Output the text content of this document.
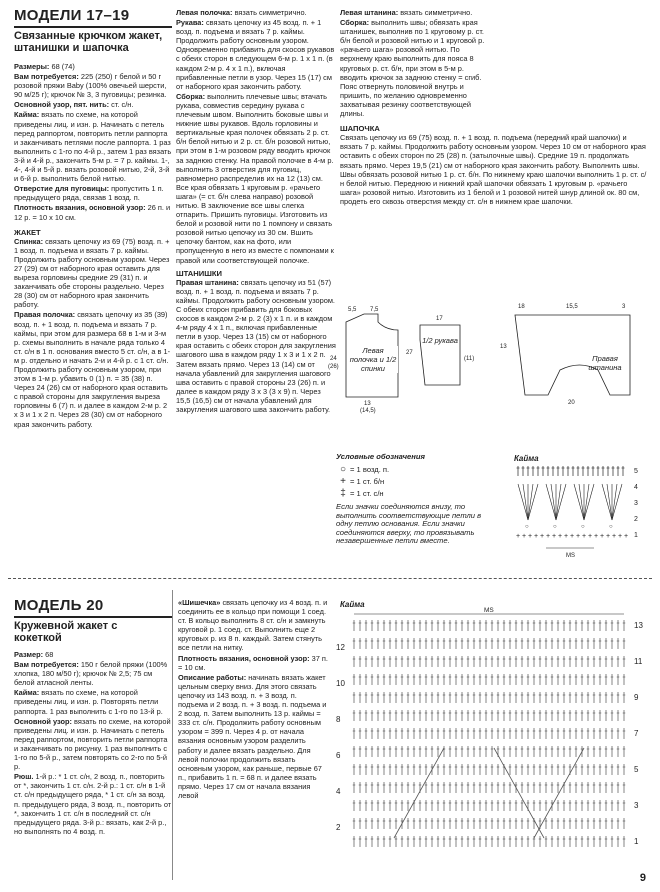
МОДЕЛИ 17–19
Связанные крючком жакет, штанишки и шапочка

Размеры: 68 (74)

Вам потребуется: 225 (250) г белой и 50 г розовой пряжи Baby (100% овечьей шерсти, 90 м/25 г); крючок № 3, 3 пуговицы; резинка.

Основной узор, пят. нить: ст. с/н.

Кайма: вязать по схеме, на которой приведены лиц. и изн. р. Начинать с петель перед раппортом, повторить петли раппорта и заканчивать петлями после раппорта. 1 раз выполнить с 1-го по 4-й р., затем 1 раз вязать 3-й и 4-й р., закончить 5-м р. = 7 р. каймы. 1-, 4-, 4-й и 5-й р. вязать розовой нитью, 2-й, 3-й и 6-й р. выполнить белой нитью.

Отверстие для пуговицы: пропустить 1 п. предыдущего ряда, связав 1 возд. п.

Плотность вязания, основной узор: 26 п. и 12 р. = 10 х 10 см.

ЖАКЕТ

Спинка: связать цепочку из 69 (75) возд. п. + 1 возд. п. подъема и вязать 7 р. каймы. Продолжить работу основным узором. Через 27 (29) см от наборного края оставить для выреза горловины средние 29 (31) п. и заканчивать обе стороны раздельно. Через 28 (30) см от наборного края закончить работу.

Правая полочка: связать цепочку из 35 (39) возд. п. + 1 возд. п. подъема и вязать 7 р. каймы, при этом для размера 68 в 1-м и 3-м р. схемы выполнить в начале ряда только 4 ст. с/н в 1 п. основания вместо 5 ст. с/н, а в 1-м р. отдельно и начать 2-и и 4-й р. с 1 ст. с/н. Продолжить работу основным узором, при этом в 1-м р. убавить 0 (1) п. = 35 (38) п. Через 24 (26) см от наборного края оставить с правой стороны для закругления выреза горловины 6 (7) п. и далее в каждом 2-м р. 2 х 3 и 1 х 2 п. Через 28 (30) см от наборного края закончить работу.

Левая полочка: вязать симметрично.

Рукава: связать цепочку из 45 возд. п. + 1 возд. п. подъема и вязать 7 р. каймы. Продолжить работу основным узором. Одновременно прибавить для скосов рукавов с обеих сторон в следующем 6-м р. 1 х 1 п. (в каждом 2-м р. 4 х 1 п.), включая прибавленные петли в узор. Через 15 (17) см от наборного края закончить работу.

Сборка: выполнить плечевые швы; втачать рукава, совместив середину рукава с плечевым швом. Выполнить боковые швы и нижние швы рукавов. Вдоль горловины и вертикальные края полочек обвязать 2 р. ст. б/н белой нитью и 2 р. ст. б/н розовой нитью, при этом в 1-м розовом ряду вводить крючок за заднюю стенку. На правой полочке в 4-м р. выполнить 3 отверстия для пуговиц, равномерно распределив их на 12 (13) см. Все края обвязать 1 круговым р. «рачьего шага» (= ст. б/н слева направо) розовой нитью. В заключение все швы слегка отпарить. Пришить пуговицы. Изготовить из белой и розовой нити по 1 помпону и связать розовой нитью цепочку из 30 см. Вшить цепочку бантом, как на фото, или пропущенную в него из вместе с помпонами к правой или соответствующей полочке.

ШТАНИШКИ

Правая штанина: связать цепочку из 51 (57) возд. п. + 1 возд. п. подъема и вязать 7 р. каймы. Продолжить работу основным узором. С обеих сторон прибавить для боковых скосов в каждом 2-м р. 2 (3) х 1 п. и в каждом 4-м ряду 4 х 1 п., включая прибавленные петли в узор. Через 13 (15) см от наборного края оставить с обеих сторон для закругления шагового шва в каждом ряду 1 х 3 и 1 х 2 п. Затем вязать прямо. Через 13 (14) см от начала убавлений для закругления шагового шва оставить с правой стороны 23 (26) п. и далее в каждом ряду 3 х 3 (3 х 9) п. Через 15,5 (16,5) см от начала убавлений для закругления шагового шва закончить работу.

Левая штанина: вязать симметрично.

Сборка: выполнить швы; обвязать края штанишек, выполнив по 1 круговому р. ст. б/н белой и розовой нитью и 1 круговой р. «рачьего шага» розовой нитью. По верхнему краю выполнить для пояса 8 круговых р. ст. б/н, при этом в 5-м р. вводить крючок за заднюю стенку = сгиб. Пояс отвернуть половиной внутрь и пришить, по желанию одновременно захватывая резинку соответствующей длины.

ШАПОЧКА

Связать цепочку из 69 (75) возд. п. + 1 возд. п. подъема (передний край шапочки) и вязать 7 р. каймы. Продолжить работу основным узором. Через 10 см от наборного края оставить с обеих сторон по 25 (28) п. (затылочные швы). Средние 19 п. продолжать вязать прямо. Через 19,5 (21) см от наборного края закончить работу. Выполнить швы. Швы обвязать розовой нитью 1 р. ст. б/н. По нижнему краю шапочки выполнить 1 р. ст. с/н белой нитью. Переднюю и нижний край шапочки обвязать 1 круговым р. «рачьего шага» розовой нитью. Изготовить из 1 белой и 1 розовой нитей шнур длиной ок. 80 см, продеть его сквозь отверстия между ст. с/н в нижнем крае шапочки.

5,5 7,5
24
(26)
27
13
(14,5)
Левая полочка и 1/2 спинки
17
(11)
1/2 рукава
18	15,5	3
13
20
Правая штанина
Условные обозначения
○ = 1 возд. п.
+ = 1 ст. б/н
‡ = 1 ст. с/н

Если значки соединяются внизу, то выполнить соответствующие петли в одну петлю основания. Если значки соединяются вверху, то провязывать незавершенные петли вместе.

Кайма
5
4
3
2
1
○	○	○	○
+ + + + + + + + + + + + + + + + + + +
MS
МОДЕЛЬ 20
Кружевной жакет с кокеткой

Размер: 68

Вам потребуется: 150 г белой пряжи (100% хлопка, 180 м/50 г); крючок № 2,5; 75 см белой атласной ленты.

Кайма: вязать по схеме, на которой приведены лиц. и изн. р. Повторять петли раппорта. 1 раз выполнить с 1-го по 13-й р.

Основной узор: вязать по схеме, на которой приведены лиц. и изн. р. Начинать с петель перед раппортом, повторить петли раппорта и заканчивать по рисунку. 1 раз выполнить с 1-го по 5-й р., затем повторять со 2-го по 5-й р.

Рюш. 1-й р.: * 1 ст. с/н, 2 возд. п., повторить от *, закончить 1 ст. с/н. 2-й р.: 1 ст. с/н в 1-й ст. с/н предыдущего ряда, * 1 ст. с/н за возд. п. предыдущего ряда, 3 возд. п., повторить от *, закончить 1 ст. с/н в последний ст. с/н предыдущего ряда. 3-й р.: вязать, как 2-й р., но выполнять по 4 возд. п.

«Шишечка» связать цепочку из 4 возд. п. и соединить ее в кольцо при помощи 1 соед. ст. В кольцо выполнить 8 ст. с/н и замкнуть круговой р. 1 соед. ст. Выполнить еще 2 круговых р. из 8 п. каждый. Затем стянуть все петли на нитку.

Плотность вязания, основной узор: 37 п. = 10 см.

Описание работы: начинать вязать жакет цельным сверху вниз. Для этого связать цепочку из 143 возд. п. + 3 возд. п. подъема и 2 возд. п. + 3 возд. п. подъема и 2 возд. п. Затем выполнить 13 р. каймы = 333 ст. с/н. Продолжить работу основным узором = 399 п. Через 4 р. от начала вязания основным узором разделить работу и далее вязать раздельно. Для левой полочки продолжить вязать основным узором, как раньше, первые 67 п., прибавить 1 п. = 68 п. и далее вязать прямо. Через 17 см от начала вязания левой

Кайма
MS
12
10
8
6
4
2
13
11
9
7
5
3
1
9
